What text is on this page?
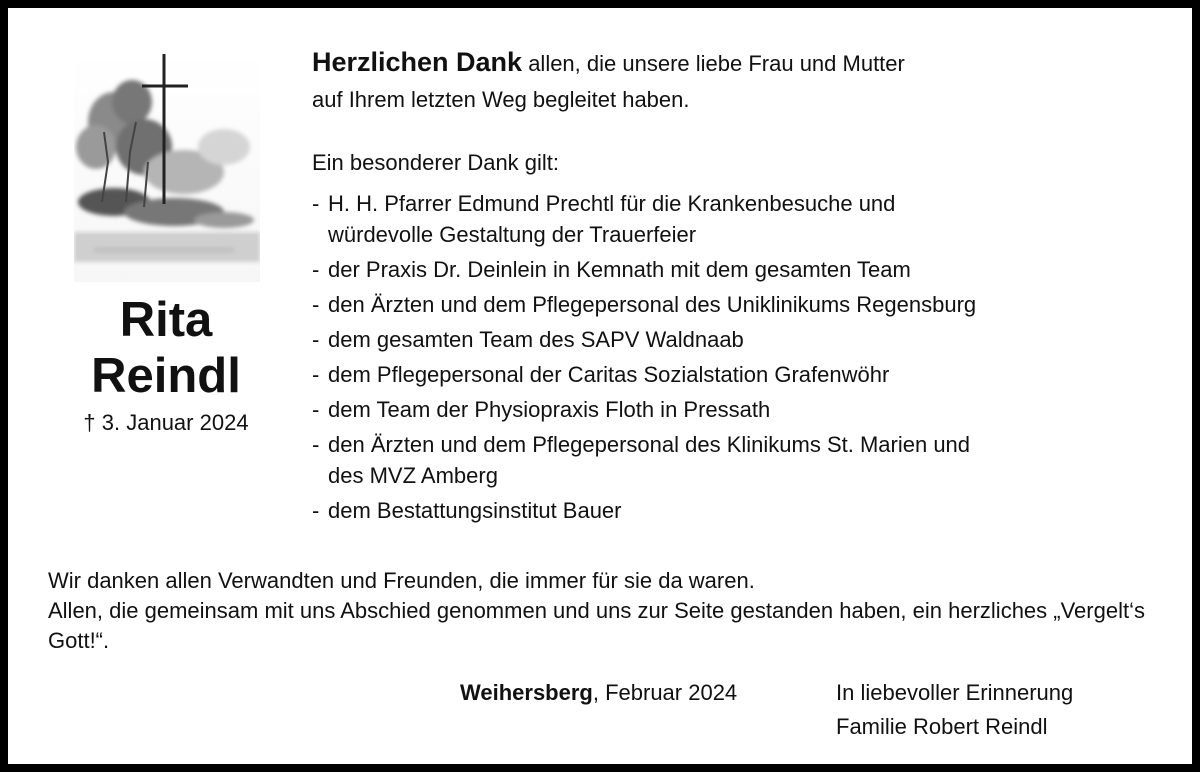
Rita
Reindl
† 3. Januar 2024
Herzlichen Dank allen, die unsere liebe Frau und Mutter
auf Ihrem letzten Weg begleitet haben.
Ein besonderer Dank gilt:
- H. H. Pfarrer Edmund Prechtl für die Krankenbesuche und
würdevolle Gestaltung der Trauerfeier
- der Praxis Dr. Deinlein in Kemnath mit dem gesamten Team
- den Ärzten und dem Pflegepersonal des Uniklinikums Regensburg
- dem gesamten Team des SAPV Waldnaab
- dem Pflegepersonal der Caritas Sozialstation Grafenwöhr
- dem Team der Physiopraxis Floth in Pressath
- den Ärzten und dem Pflegepersonal des Klinikums St. Marien und
des MVZ Amberg
- dem Bestattungsinstitut Bauer

Wir danken allen Verwandten und Freunden, die immer für sie da waren.

Allen, die gemeinsam mit uns Abschied genommen und uns zur Seite gestanden haben, ein herzliches „Vergelt‘s Gott!“.

Weihersberg, Februar 2024	In liebevoller Erinnerung
Familie Robert Reindl
